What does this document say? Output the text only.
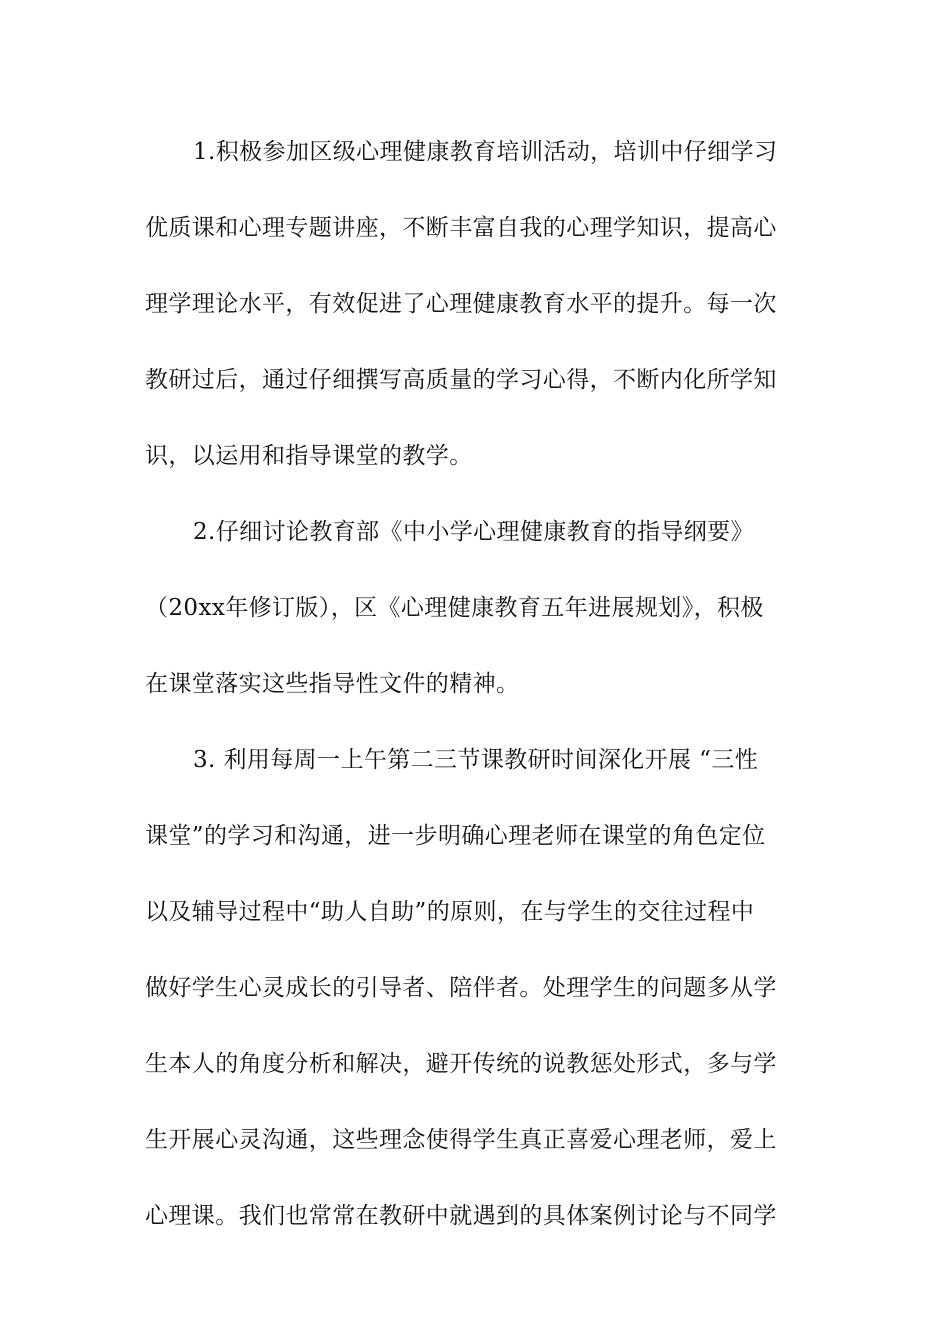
1.积极参加区级心理健康教育培训活动，培训中仔细学习
优质课和心理专题讲座，不断丰富自我的心理学知识，提高心
理学理论水平，有效促进了心理健康教育水平的提升。每一次
教研过后，通过仔细撰写高质量的学习心得，不断内化所学知
识，以运用和指导课堂的教学。
2.仔细讨论教育部《中小学心理健康教育的指导纲要》
（20xx年修订版），区《心理健康教育五年进展规划》，积极
在课堂落实这些指导性文件的精神。
3. 利用每周一上午第二三节课教研时间深化开展 “三性
课堂”的学习和沟通，进一步明确心理老师在课堂的角色定位
以及辅导过程中“助人自助”的原则，在与学生的交往过程中
做好学生心灵成长的引导者、陪伴者。处理学生的问题多从学
生本人的角度分析和解决，避开传统的说教惩处形式，多与学
生开展心灵沟通，这些理念使得学生真正喜爱心理老师，爱上
心理课。我们也常常在教研中就遇到的具体案例讨论与不同学
